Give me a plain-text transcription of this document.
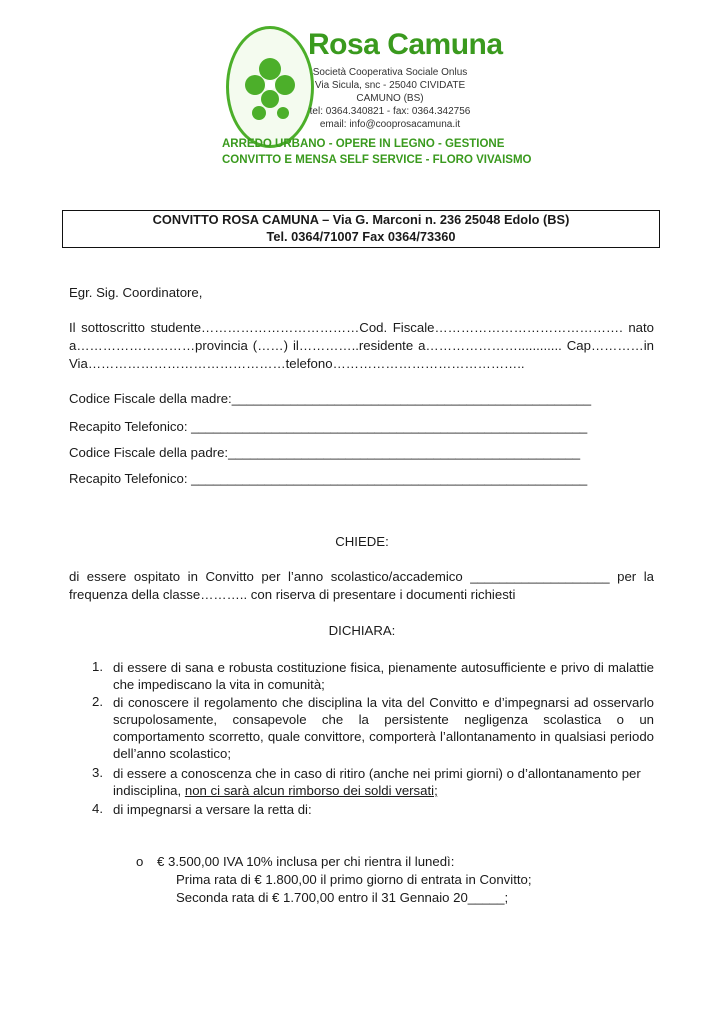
Rosa Camuna
Società Cooperativa Sociale Onlus
Via Sicula, snc - 25040 CIVIDATE CAMUNO (BS)
tel: 0364.340821 - fax: 0364.342756
email: info@cooprosacamuna.it
ARREDO URBANO - OPERE IN LEGNO - GESTIONE
CONVITTO E MENSA SELF SERVICE - FLORO VIVAISMO
CONVITTO ROSA CAMUNA – Via G. Marconi n. 236 25048 Edolo (BS)
Tel. 0364/71007 Fax 0364/73360
Egr. Sig. Coordinatore,
Il sottoscritto studente………………………………Cod. Fiscale……………………………………. nato
a………………………provincia (……) il…………..residente a…………………............ Cap…………in
Via………………………………………telefono……………………………………..
Codice Fiscale della madre:_________________________________________________
Recapito Telefonico: ______________________________________________________
Codice Fiscale della padre:________________________________________________
Recapito Telefonico: ______________________________________________________
CHIEDE:
di essere ospitato in Convitto per l’anno scolastico/accademico ___________________ per la
frequenza della classe……….. con riserva di presentare i documenti richiesti
DICHIARA:
1. di essere di sana e robusta costituzione fisica, pienamente autosufficiente e privo di malattie che impediscano la vita in comunità;
2. di conoscere il regolamento che disciplina la vita del Convitto e d’impegnarsi ad osservarlo scrupolosamente, consapevole che la persistente negligenza scolastica o un comportamento scorretto, quale convittore, comporterà l’allontanamento in qualsiasi periodo dell’anno scolastico;
3. di essere a conoscenza che in caso di ritiro (anche nei primi giorni) o d’allontanamento per indisciplina, non ci sarà alcun rimborso dei soldi versati;
4. di impegnarsi a versare la retta di:
o € 3.500,00 IVA 10% inclusa per chi rientra il lunedì:
Prima rata di € 1.800,00 il primo giorno di entrata in Convitto;
Seconda rata di € 1.700,00 entro il 31 Gennaio 20_____;
